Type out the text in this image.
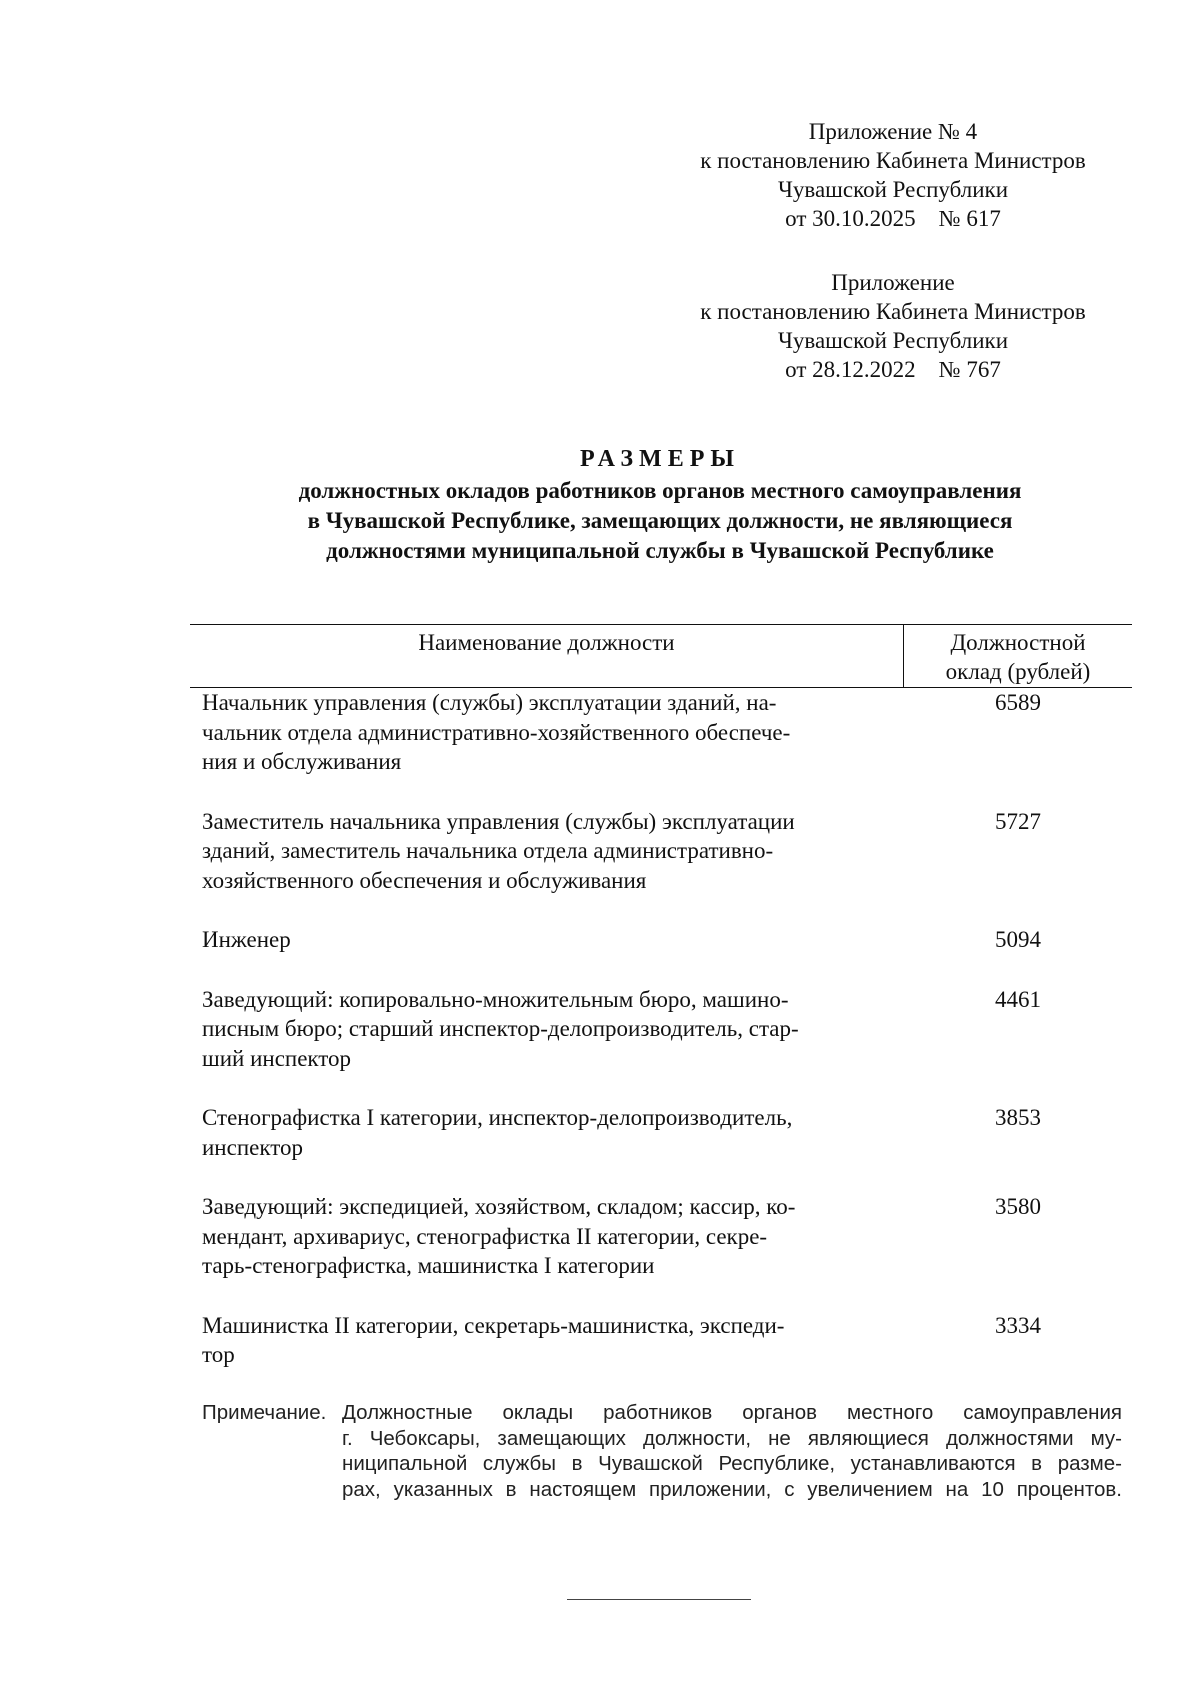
Приложение № 4
к постановлению Кабинета Министров
Чувашской Республики
от 30.10.2025    № 617
Приложение
к постановлению Кабинета Министров
Чувашской Республики
от 28.12.2022    № 767
РАЗМЕРЫ
должностных окладов работников органов местного самоуправления
в Чувашской Республике, замещающих должности, не являющиеся
должностями муниципальной службы в Чувашской Республике
Наименование должности	Должностной
оклад (рублей)
Начальник управления (службы) эксплуатации зданий, на-
чальник отдела административно-хозяйственного обеспече-
ния и обслуживания
6589
Заместитель начальника управления (службы) эксплуатации
зданий, заместитель начальника отдела административно-
хозяйственного обеспечения и обслуживания
5727
Инженер	5094
Заведующий: копировально-множительным бюро, машино-
писным бюро; старший инспектор-делопроизводитель, стар-
ший инспектор
4461
Стенографистка I категории, инспектор-делопроизводитель,
инспектор
3853
Заведующий: экспедицией, хозяйством, складом; кассир, ко-
мендант, архивариус, стенографистка II категории, секре-
тарь-стенографистка, машинистка I категории
3580
Машинистка II категории, секретарь-машинистка, экспеди-
тор
3334
Примечание. Должностные оклады работников органов местного самоуправления
г. Чебоксары, замещающих должности, не являющиеся должностями му-
ниципальной службы в Чувашской Республике, устанавливаются в разме-
рах, указанных в настоящем приложении, с увеличением на 10 процентов.
